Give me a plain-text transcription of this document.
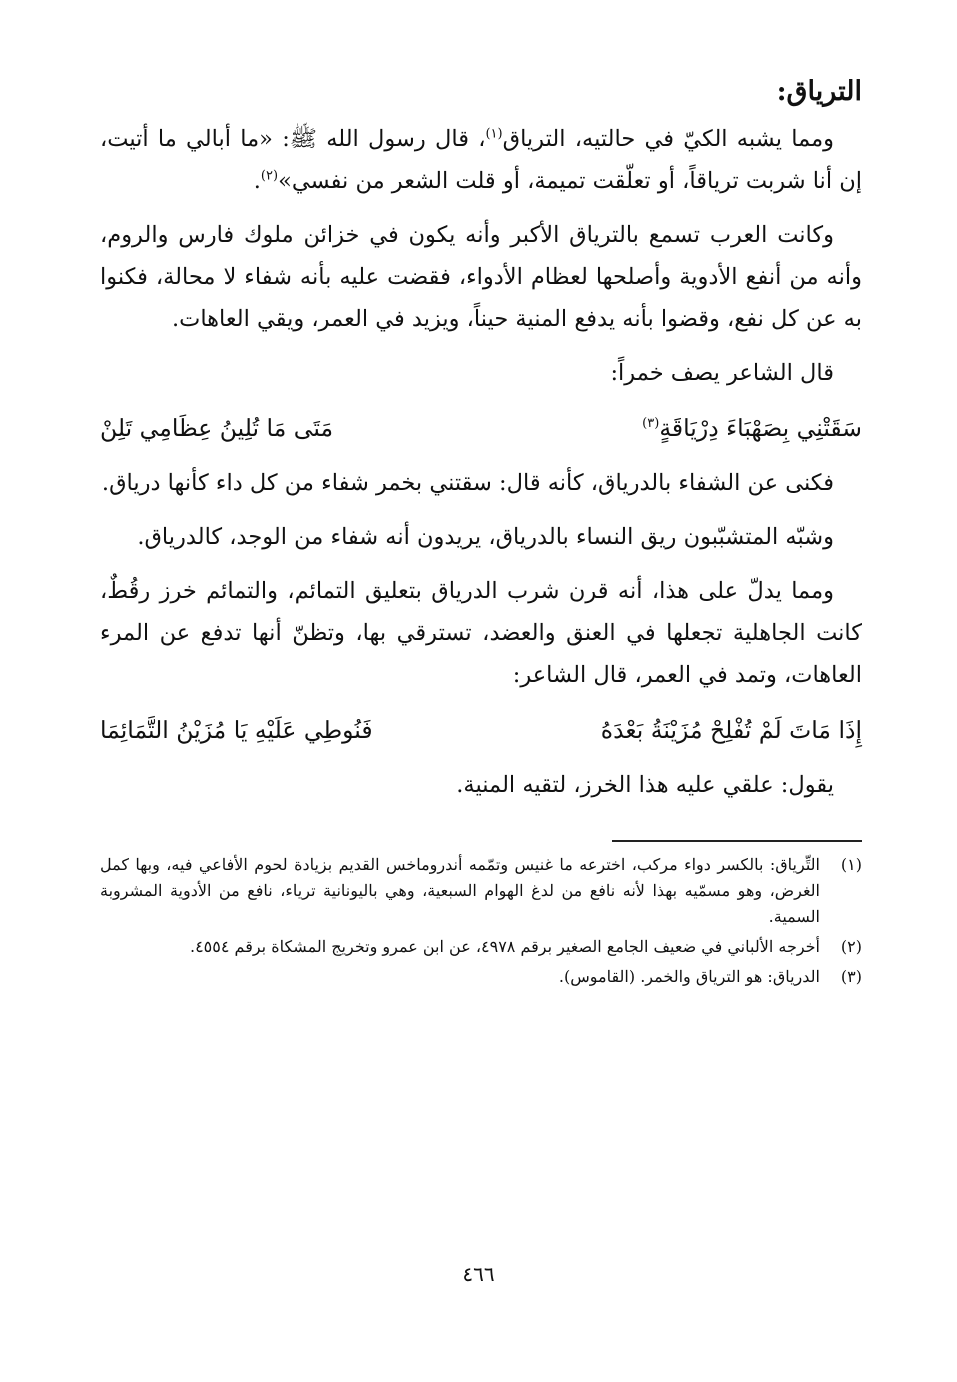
الترياق:

ومما يشبه الكيّ في حالتيه، الترياق$^{(١)}$، قال رسول الله ﷺ: «ما أبالي ما أتيت، إن أنا شربت ترياقاً، أو تعلّقت تميمة، أو قلت الشعر من نفسي»$^{(٢)}$.

وكانت العرب تسمع بالترياق الأكبر وأنه يكون في خزائن ملوك فارس والروم، وأنه من أنفع الأدوية وأصلحها لعظام الأدواء، فقضت عليه بأنه شفاء لا محالة، فكنوا به عن كل نفع، وقضوا بأنه يدفع المنية حيناً، ويزيد في العمر، ويقي العاهات.

قال الشاعر يصف خمراً:

سَقَتْنِي بِصَهْبَاءَ دِرْيَاقَةٍ$^{(٣)}$
مَتَى مَا تُلِينُ عِظَامِي تَلِنْ

فكنى عن الشفاء بالدرياق، كأنه قال: سقتني بخمر شفاء من كل داء كأنها درياق.

وشبّه المتشبّبون ريق النساء بالدرياق، يريدون أنه شفاء من الوجد، كالدرياق.

ومما يدلّ على هذا، أنه قرن شرب الدرياق بتعليق التمائم، والتمائم خرز رقُطٌ، كانت الجاهلية تجعلها في العنق والعضد، تسترقي بها، وتظنّ أنها تدفع عن المرء العاهات، وتمد في العمر، قال الشاعر:

إِذَا مَاتَ لَمْ تُفْلِحْ مُزَيْنَةُ بَعْدَهُ
فَنُوطِي عَلَيْهِ يَا مُزَيْنُ التَّمَائِمَا

يقول: علقي عليه هذا الخرز، لتقيه المنية.

(١)
التِّرياق: بالكسر دواء مركب، اخترعه ما غنيس وتمّمه أندروماخس القديم بزيادة لحوم الأفاعي فيه، وبها كمل الغرض، وهو مسمّيه بهذا لأنه نافع من لدغ الهوام السبعية، وهي باليونانية ترياء، نافع من الأدوية المشروبة السمية.
(٢)
أخرجه الألباني في ضعيف الجامع الصغير برقم ٤٩٧٨، عن ابن عمرو وتخريج المشكاة برقم ٤٥٥٤.
(٣)
الدرياق: هو الترياق والخمر. (القاموس).
٤٦٦
